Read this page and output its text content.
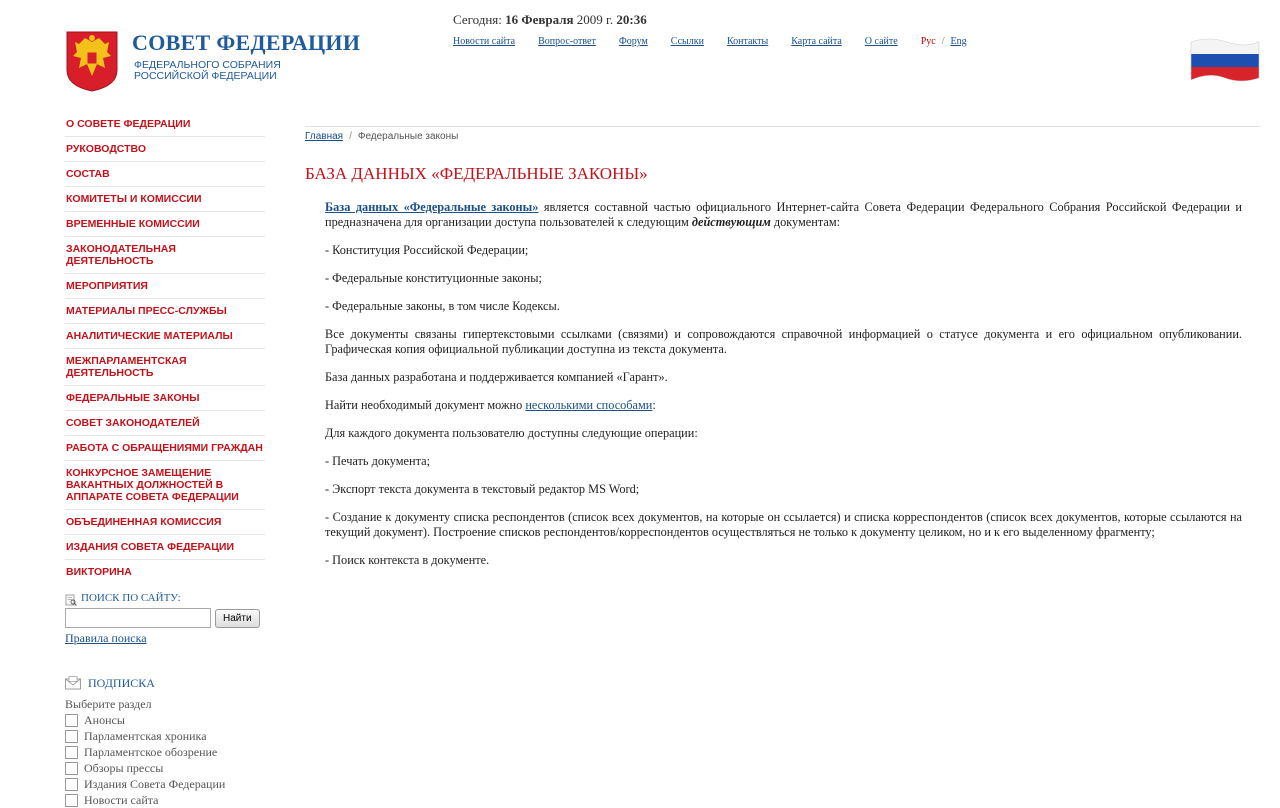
СОВЕТ ФЕДЕРАЦИИ
ФЕДЕРАЛЬНОГО СОБРАНИЯ
РОССИЙСКОЙ ФЕДЕРАЦИИ
Сегодня: 16 Февраля 2009 г. 20:36
Новости сайта Вопрос-ответ Форум Ссылки Контакты Карта сайта О сайте Рус / Eng
О СОВЕТЕ ФЕДЕРАЦИИ
РУКОВОДСТВО
СОСТАВ
КОМИТЕТЫ И КОМИССИИ
ВРЕМЕННЫЕ КОМИССИИ
ЗАКОНОДАТЕЛЬНАЯ ДЕЯТЕЛЬНОСТЬ
МЕРОПРИЯТИЯ
МАТЕРИАЛЫ ПРЕСС-СЛУЖБЫ
АНАЛИТИЧЕСКИЕ МАТЕРИАЛЫ
МЕЖПАРЛАМЕНТСКАЯ ДЕЯТЕЛЬНОСТЬ
ФЕДЕРАЛЬНЫЕ ЗАКОНЫ
СОВЕТ ЗАКОНОДАТЕЛЕЙ
РАБОТА С ОБРАЩЕНИЯМИ ГРАЖДАН
КОНКУРСНОЕ ЗАМЕЩЕНИЕ ВАКАНТНЫХ ДОЛЖНОСТЕЙ В АППАРАТЕ СОВЕТА ФЕДЕРАЦИИ
ОБЪЕДИНЕННАЯ КОМИССИЯ
ИЗДАНИЯ СОВЕТА ФЕДЕРАЦИИ
ВИКТОРИНА
ПОИСК ПО САЙТУ:
Найти
Правила поиска
ПОДПИСКА
Выберите раздел
Анонсы
Парламентская хроника
Парламентское обозрение
Обзоры прессы
Издания Совета Федерации
Новости сайта
Главная / Федеральные законы
БАЗА ДАННЫХ «ФЕДЕРАЛЬНЫЕ ЗАКОНЫ»

База данных «Федеральные законы» является составной частью официального Интернет-сайта Совета Федерации Федерального Собрания Российской Федерации и предназначена для организации доступа пользователей к следующим действующим документам:

- Конституция Российской Федерации;

- Федеральные конституционные законы;

- Федеральные законы, в том числе Кодексы.

Все документы связаны гипертекстовыми ссылками (связями) и сопровождаются справочной информацией о статусе документа и его официальном опубликовании. Графическая копия официальной публикации доступна из текста документа.

База данных разработана и поддерживается компанией «Гарант».

Найти необходимый документ можно несколькими способами:

Для каждого документа пользователю доступны следующие операции:

- Печать документа;

- Экспорт текста документа в текстовый редактор MS Word;

- Создание к документу списка респондентов (список всех документов, на которые он ссылается) и списка корреспондентов (список всех документов, которые ссылаются на текущий документ). Построение списков респондентов/корреспондентов осуществляться не только к документу целиком, но и к его выделенному фрагменту;

- Поиск контекста в документе.
